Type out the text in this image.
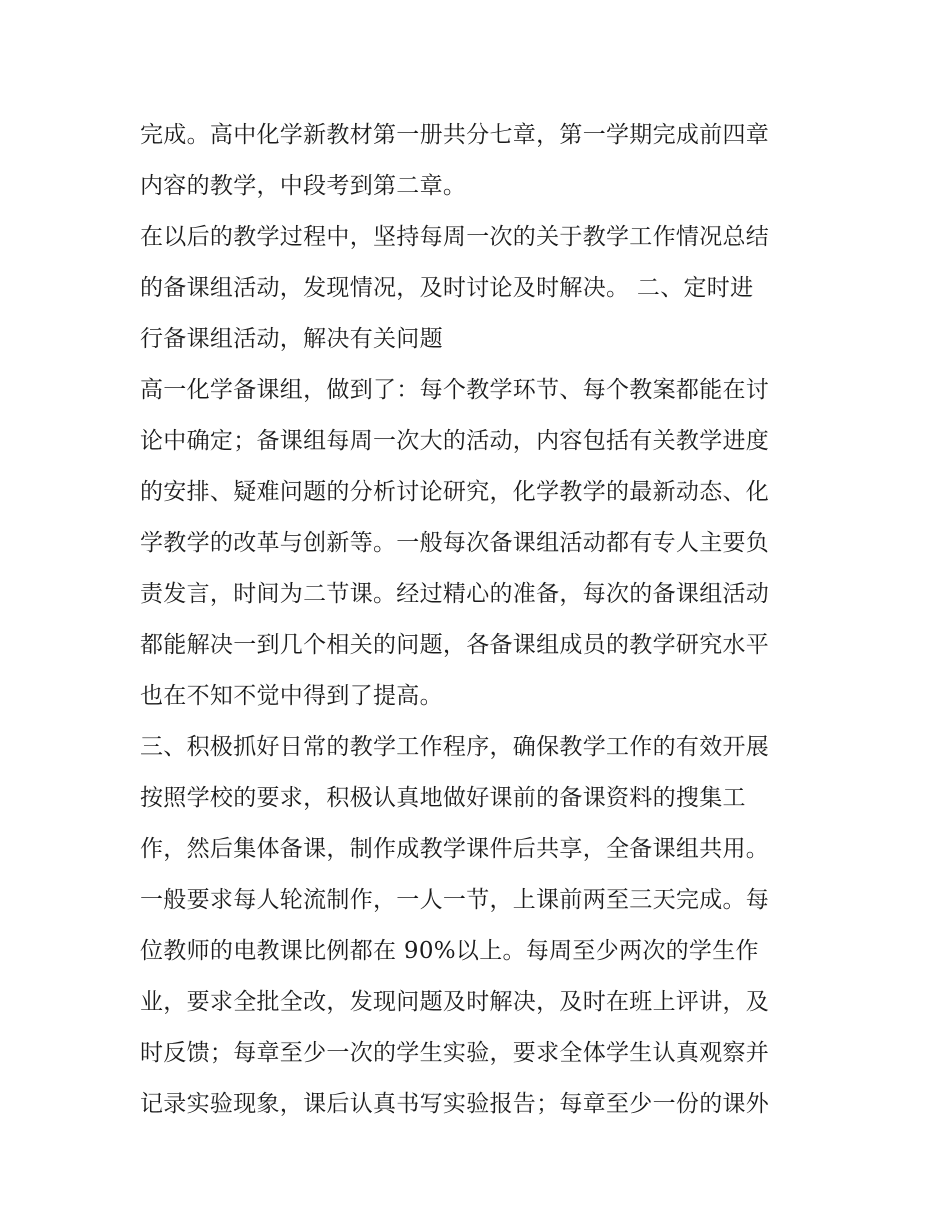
完成。高中化学新教材第一册共分七章，第一学期完成前四章
内容的教学，中段考到第二章。
在以后的教学过程中，坚持每周一次的关于教学工作情况总结
的备课组活动，发现情况，及时讨论及时解决。 二、定时进
行备课组活动，解决有关问题
高一化学备课组，做到了：每个教学环节、每个教案都能在讨
论中确定；备课组每周一次大的活动，内容包括有关教学进度
的安排、疑难问题的分析讨论研究，化学教学的最新动态、化
学教学的改革与创新等。一般每次备课组活动都有专人主要负
责发言，时间为二节课。经过精心的准备，每次的备课组活动
都能解决一到几个相关的问题，各备课组成员的教学研究水平
也在不知不觉中得到了提高。
三、积极抓好日常的教学工作程序，确保教学工作的有效开展
按照学校的要求，积极认真地做好课前的备课资料的搜集工
作，然后集体备课，制作成教学课件后共享，全备课组共用。
一般要求每人轮流制作，一人一节，上课前两至三天完成。每
位教师的电教课比例都在 90%以上。每周至少两次的学生作
业，要求全批全改，发现问题及时解决，及时在班上评讲，及
时反馈；每章至少一次的学生实验，要求全体学生认真观察并
记录实验现象，课后认真书写实验报告；每章至少一份的课外
